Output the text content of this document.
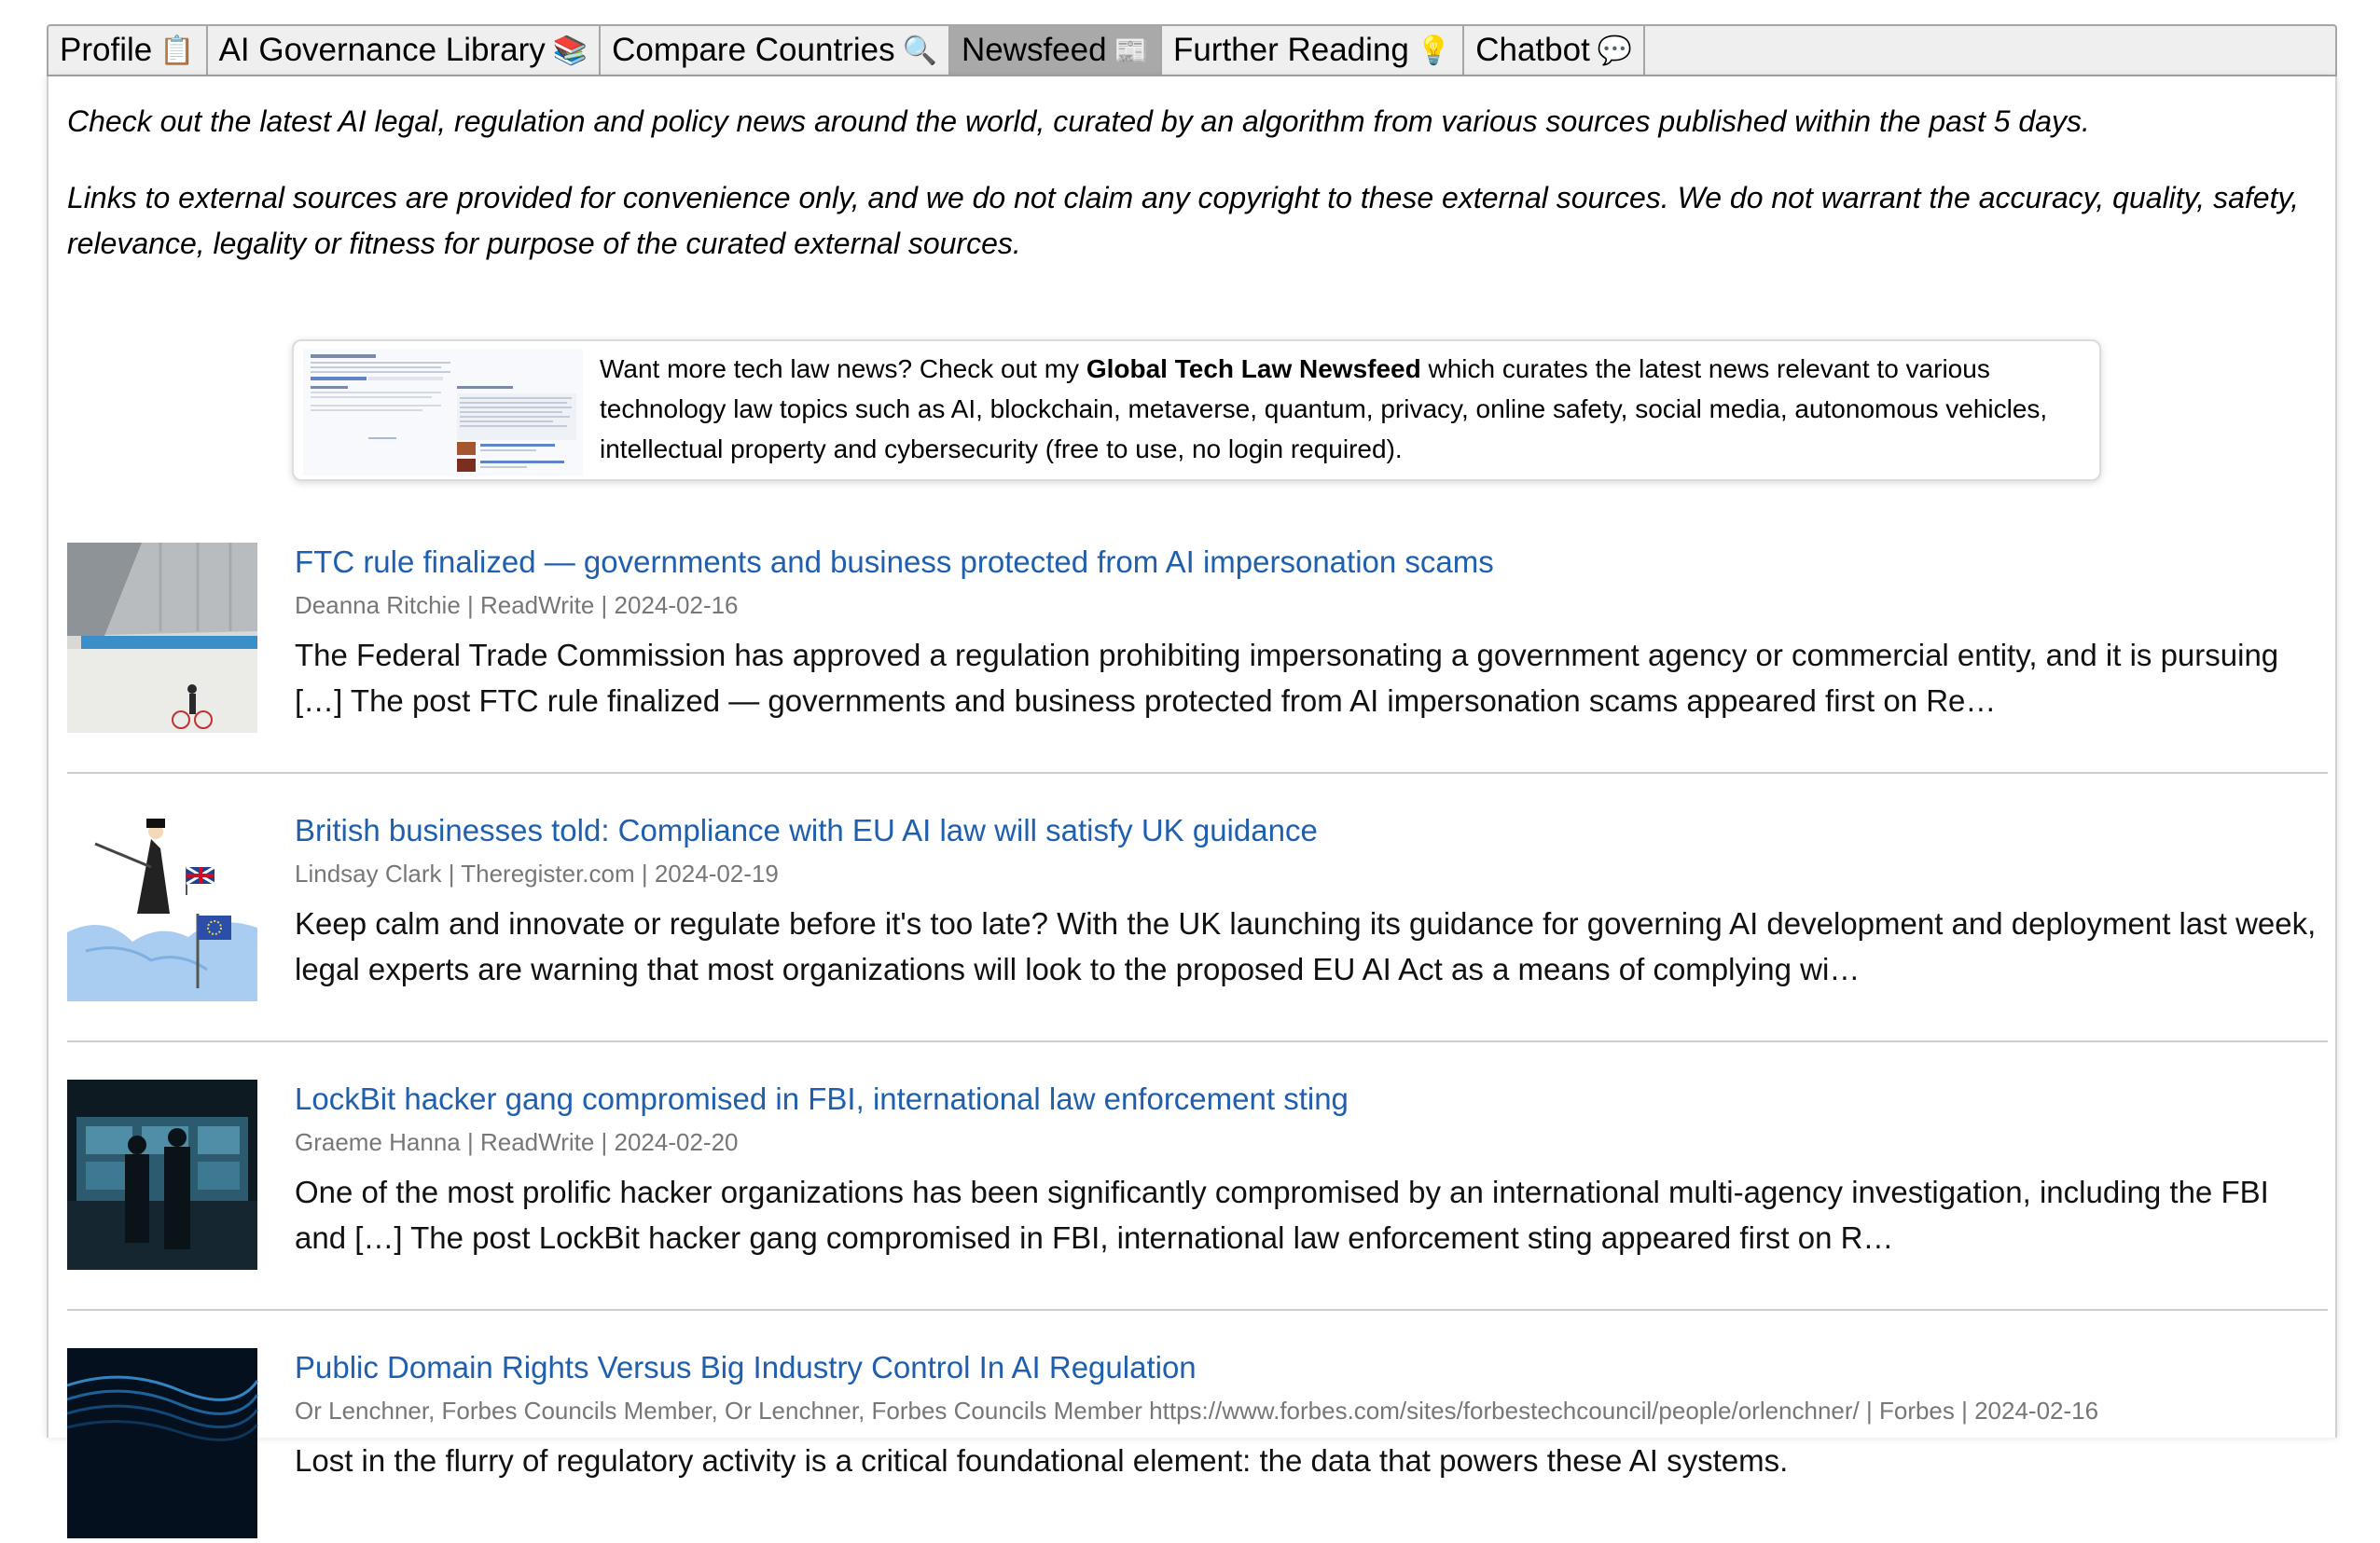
Profile 📋 AI Governance Library 📚 Compare Countries 🔍 Newsfeed 📰 Further Reading 💡 Chatbot 💬

Check out the latest AI legal, regulation and policy news around the world, curated by an algorithm from various sources published within the past 5 days.

Links to external sources are provided for convenience only, and we do not claim any copyright to these external sources. We do not warrant the accuracy, quality, safety, relevance, legality or fitness for purpose of the curated external sources.

Want more tech law news? Check out my Global Tech Law Newsfeed which curates the latest news relevant to various technology law topics such as AI, blockchain, metaverse, quantum, privacy, online safety, social media, autonomous vehicles, intellectual property and cybersecurity (free to use, no login required).
FTC rule finalized — governments and business protected from AI impersonation scams
Deanna Ritchie | ReadWrite | 2024-02-16
The Federal Trade Commission has approved a regulation prohibiting impersonating a government agency or commercial entity, and it is pursuing […] The post FTC rule finalized — governments and business protected from AI impersonation scams appeared first on Re…
British businesses told: Compliance with EU AI law will satisfy UK guidance
Lindsay Clark | Theregister.com | 2024-02-19
Keep calm and innovate or regulate before it's too late? With the UK launching its guidance for governing AI development and deployment last week, legal experts are warning that most organizations will look to the proposed EU AI Act as a means of complying wi…
LockBit hacker gang compromised in FBI, international law enforcement sting
Graeme Hanna | ReadWrite | 2024-02-20
One of the most prolific hacker organizations has been significantly compromised by an international multi-agency investigation, including the FBI and […] The post LockBit hacker gang compromised in FBI, international law enforcement sting appeared first on R…
Public Domain Rights Versus Big Industry Control In AI Regulation
Or Lenchner, Forbes Councils Member, Or Lenchner, Forbes Councils Member https://www.forbes.com/sites/forbestechcouncil/people/orlenchner/ | Forbes | 2024-02-16
Lost in the flurry of regulatory activity is a critical foundational element: the data that powers these AI systems.
